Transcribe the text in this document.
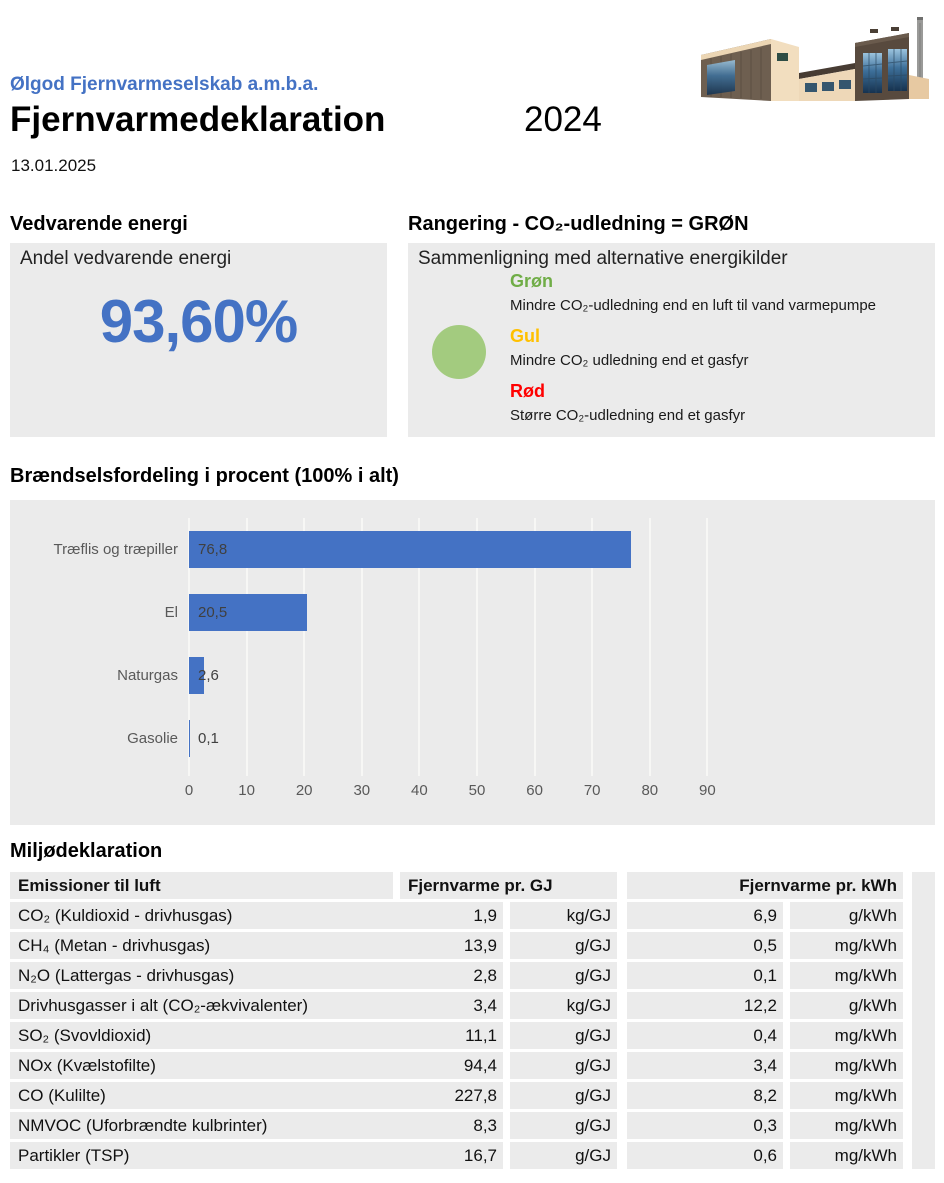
Ølgod Fjernvarmeselskab a.m.b.a.
Fjernvarmedeklaration	2024
13.01.2025
Vedvarende energi	Rangering - CO₂-udledning = GRØN
Andel vedvarende energi
93,60%
Sammenligning med alternative energikilder
Grøn
Mindre CO₂-udledning end en luft til vand varmepumpe
Gul
Mindre CO₂ udledning end et gasfyr
Rød
Større CO₂-udledning end et gasfyr
Brændselsfordeling i procent (100% i alt)
0	10	20	30	40	50	60	70	80	90
Træflis og træpiller 76,8
El 20,5
Naturgas 2,6
Gasolie 0,1
Miljødeklaration
Emissioner til luft	Fjernvarme pr. GJ	Fjernvarme pr. kWh
CO₂ (Kuldioxid - drivhusgas)	1,9	kg/GJ	6,9	g/kWh
CH₄ (Metan - drivhusgas)	13,9	g/GJ	0,5	mg/kWh
N₂O (Lattergas - drivhusgas)	2,8	g/GJ	0,1	mg/kWh
Drivhusgasser i alt (CO₂-ækvivalenter)	3,4	kg/GJ	12,2	g/kWh
SO₂ (Svovldioxid)	11,1	g/GJ	0,4	mg/kWh
NOx (Kvælstofilte)	94,4	g/GJ	3,4	mg/kWh
CO (Kulilte)	227,8	g/GJ	8,2	mg/kWh
NMVOC (Uforbrændte kulbrinter)	8,3	g/GJ	0,3	mg/kWh
Partikler (TSP)	16,7	g/GJ	0,6	mg/kWh
